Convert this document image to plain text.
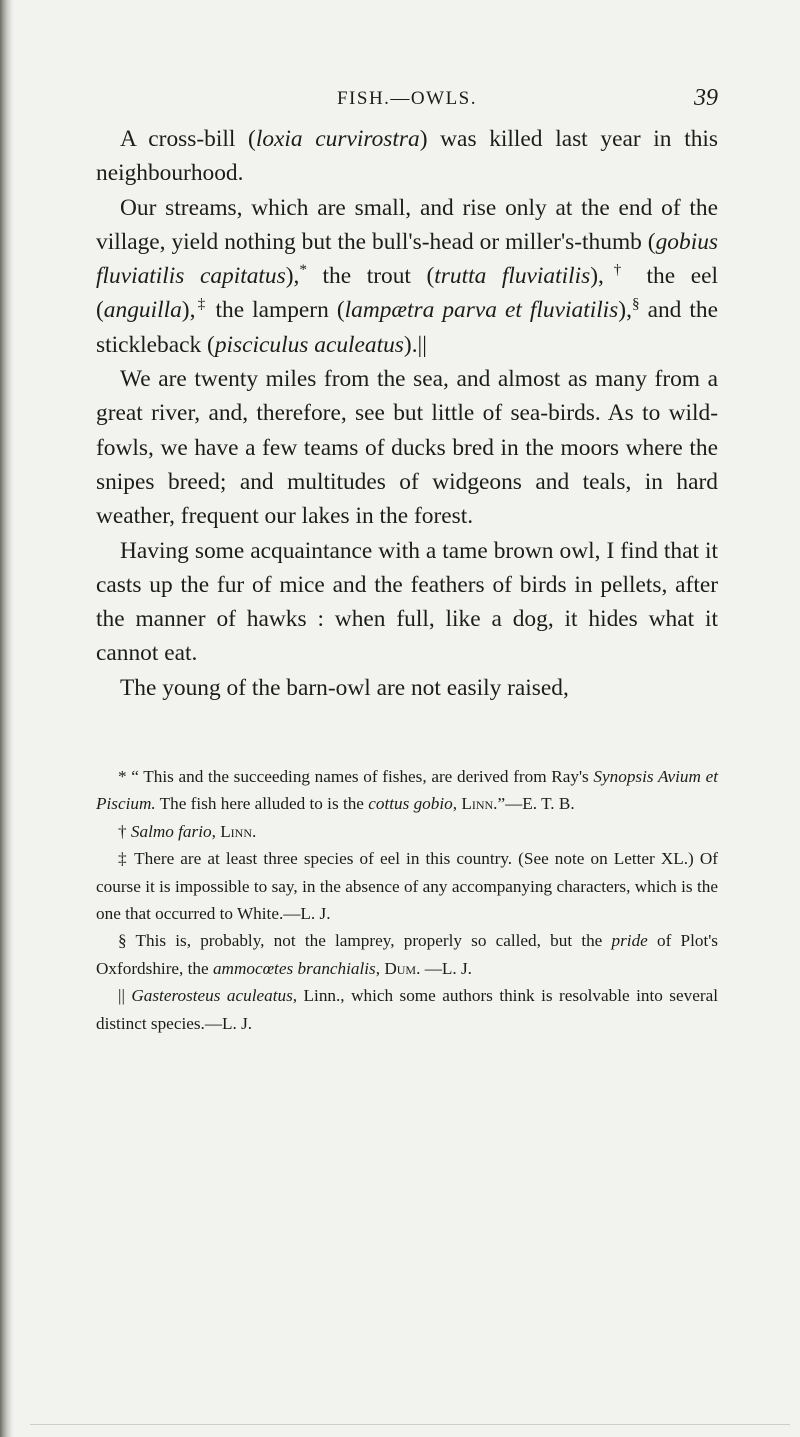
FISH.—OWLS.	39

A cross-bill (loxia curvirostra) was killed last year in this neighbourhood.

Our streams, which are small, and rise only at the end of the village, yield nothing but the bull's-head or miller's-thumb (gobius fluviatilis capitatus),* the trout (trutta fluviatilis),† the eel (anguilla),‡ the lampern (lampætra parva et fluviatilis),§ and the stickleback (pisciculus aculeatus).||

We are twenty miles from the sea, and almost as many from a great river, and, therefore, see but little of sea-birds. As to wild-fowls, we have a few teams of ducks bred in the moors where the snipes breed; and multitudes of widgeons and teals, in hard weather, frequent our lakes in the forest.

Having some acquaintance with a tame brown owl, I find that it casts up the fur of mice and the feathers of birds in pellets, after the manner of hawks : when full, like a dog, it hides what it cannot eat.

The young of the barn-owl are not easily raised,

* “ This and the succeeding names of fishes, are derived from Ray's Synopsis Avium et Piscium. The fish here alluded to is the cottus gobio, Linn.”—E. T. B.

† Salmo fario, Linn.

‡ There are at least three species of eel in this country. (See note on Letter XL.) Of course it is impossible to say, in the absence of any accompanying characters, which is the one that occurred to White.—L. J.

§ This is, probably, not the lamprey, properly so called, but the pride of Plot's Oxfordshire, the ammocœtes branchialis, Dum. —L. J.

|| Gasterosteus aculeatus, Linn., which some authors think is resolvable into several distinct species.—L. J.
